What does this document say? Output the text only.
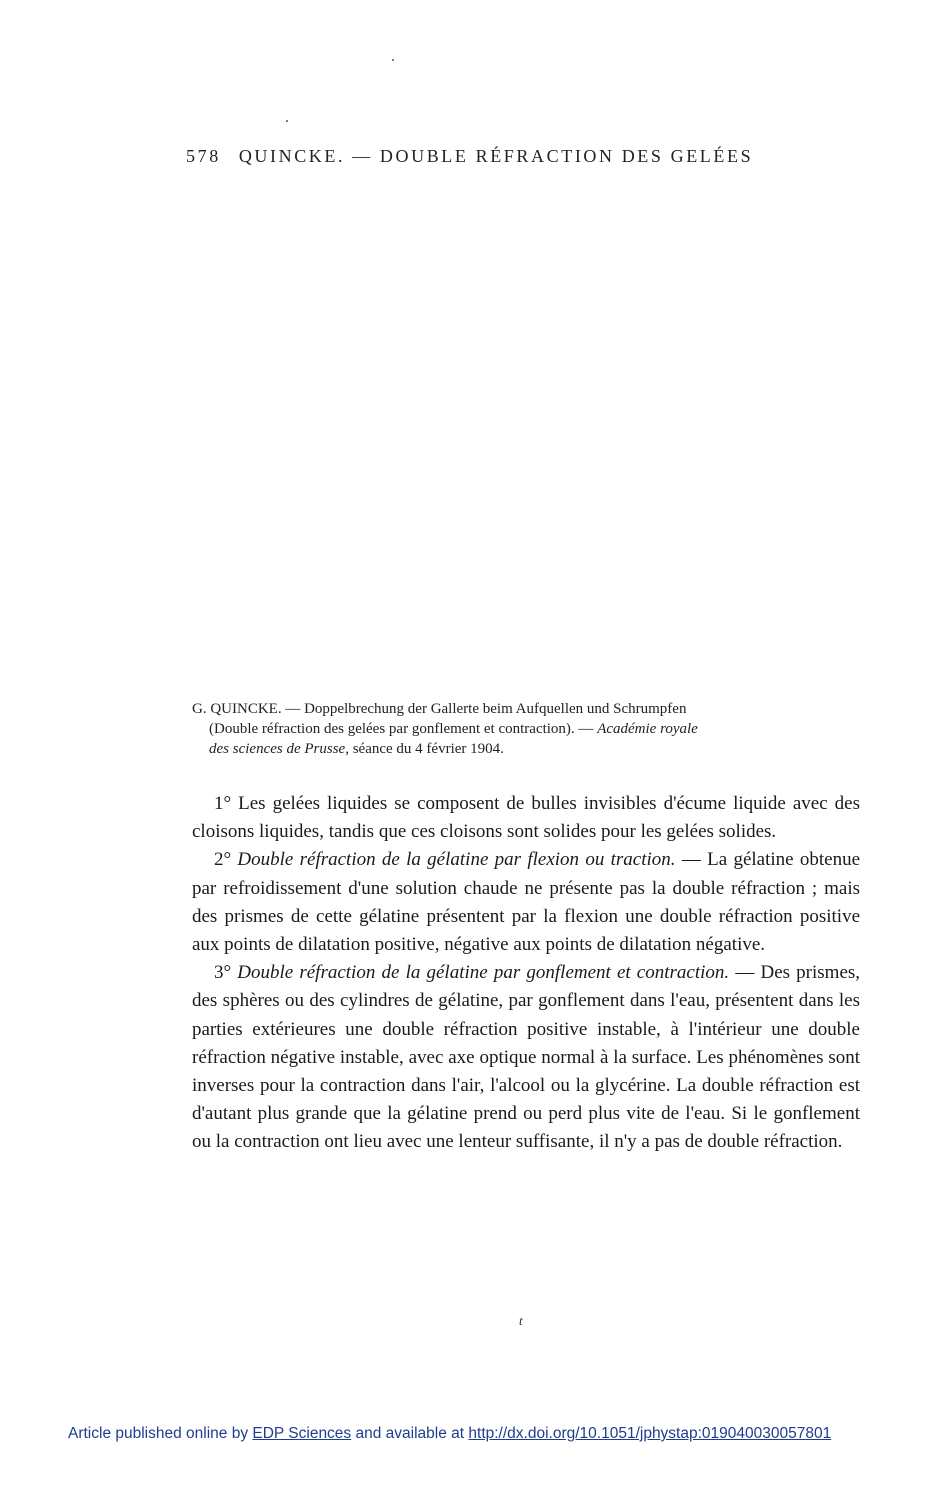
578 QUINCKE. — DOUBLE RÉFRACTION DES GELÉES

G. QUINCKE. — Doppelbrechung der Gallerte beim Aufquellen und Schrumpfen

(Double réfraction des gelées par gonflement et contraction). — Académie royale

des sciences de Prusse, séance du 4 février 1904.

1° Les gelées liquides se composent de bulles invisibles d'écume liquide avec des cloisons liquides, tandis que ces cloisons sont solides pour les gelées solides.

2° Double réfraction de la gélatine par flexion ou traction. — La gélatine obtenue par refroidissement d'une solution chaude ne présente pas la double réfraction ; mais des prismes de cette gélatine présentent par la flexion une double réfraction positive aux points de dilatation positive, négative aux points de dilatation négative.

3° Double réfraction de la gélatine par gonflement et contraction. — Des prismes, des sphères ou des cylindres de gélatine, par gonflement dans l'eau, présentent dans les parties extérieures une double réfraction positive instable, à l'intérieur une double réfraction négative instable, avec axe optique normal à la surface. Les phénomènes sont inverses pour la contraction dans l'air, l'alcool ou la glycérine. La double réfraction est d'autant plus grande que la gélatine prend ou perd plus vite de l'eau. Si le gonflement ou la contraction ont lieu avec une lenteur suffisante, il n'y a pas de double réfraction.

t
Article published online by EDP Sciences and available at http://dx.doi.org/10.1051/jphystap:019040030057801
